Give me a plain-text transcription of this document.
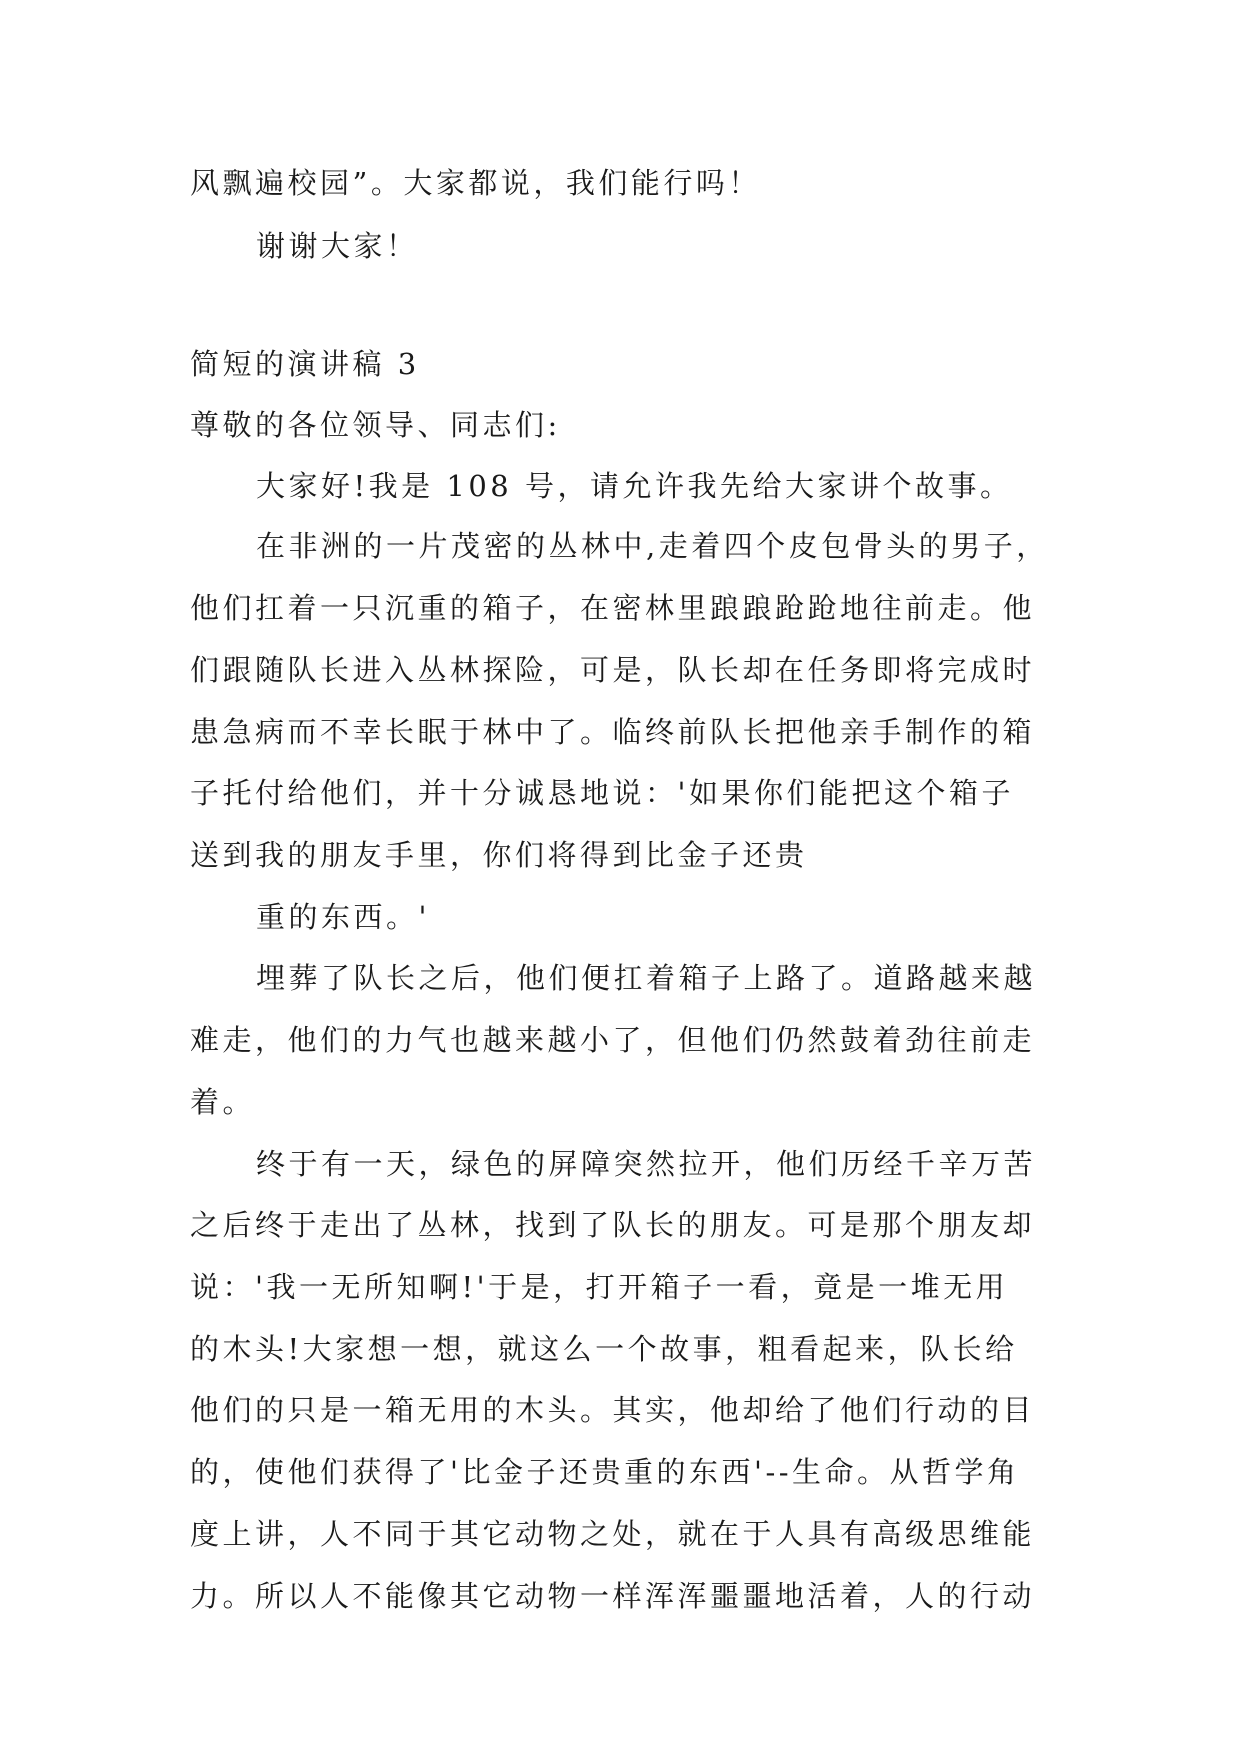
风飘遍校园”。大家都说，我们能行吗！
谢谢大家！
简短的演讲稿 3
尊敬的各位领导、同志们:
大家好!我是 108 号，请允许我先给大家讲个故事。
在非洲的一片茂密的丛林中,走着四个皮包骨头的男子，
他们扛着一只沉重的箱子，在密林里踉踉跄跄地往前走。他
们跟随队长进入丛林探险，可是，队长却在任务即将完成时
患急病而不幸长眠于林中了。临终前队长把他亲手制作的箱
子托付给他们，并十分诚恳地说：'如果你们能把这个箱子
送到我的朋友手里，你们将得到比金子还贵
重的东西。'
埋葬了队长之后，他们便扛着箱子上路了。道路越来越
难走，他们的力气也越来越小了，但他们仍然鼓着劲往前走
着。
终于有一天，绿色的屏障突然拉开，他们历经千辛万苦
之后终于走出了丛林，找到了队长的朋友。可是那个朋友却
说：'我一无所知啊!'于是，打开箱子一看，竟是一堆无用
的木头!大家想一想，就这么一个故事，粗看起来，队长给
他们的只是一箱无用的木头。其实，他却给了他们行动的目
的，使他们获得了'比金子还贵重的东西'--生命。从哲学角
度上讲，人不同于其它动物之处，就在于人具有高级思维能
力。所以人不能像其它动物一样浑浑噩噩地活着，人的行动
